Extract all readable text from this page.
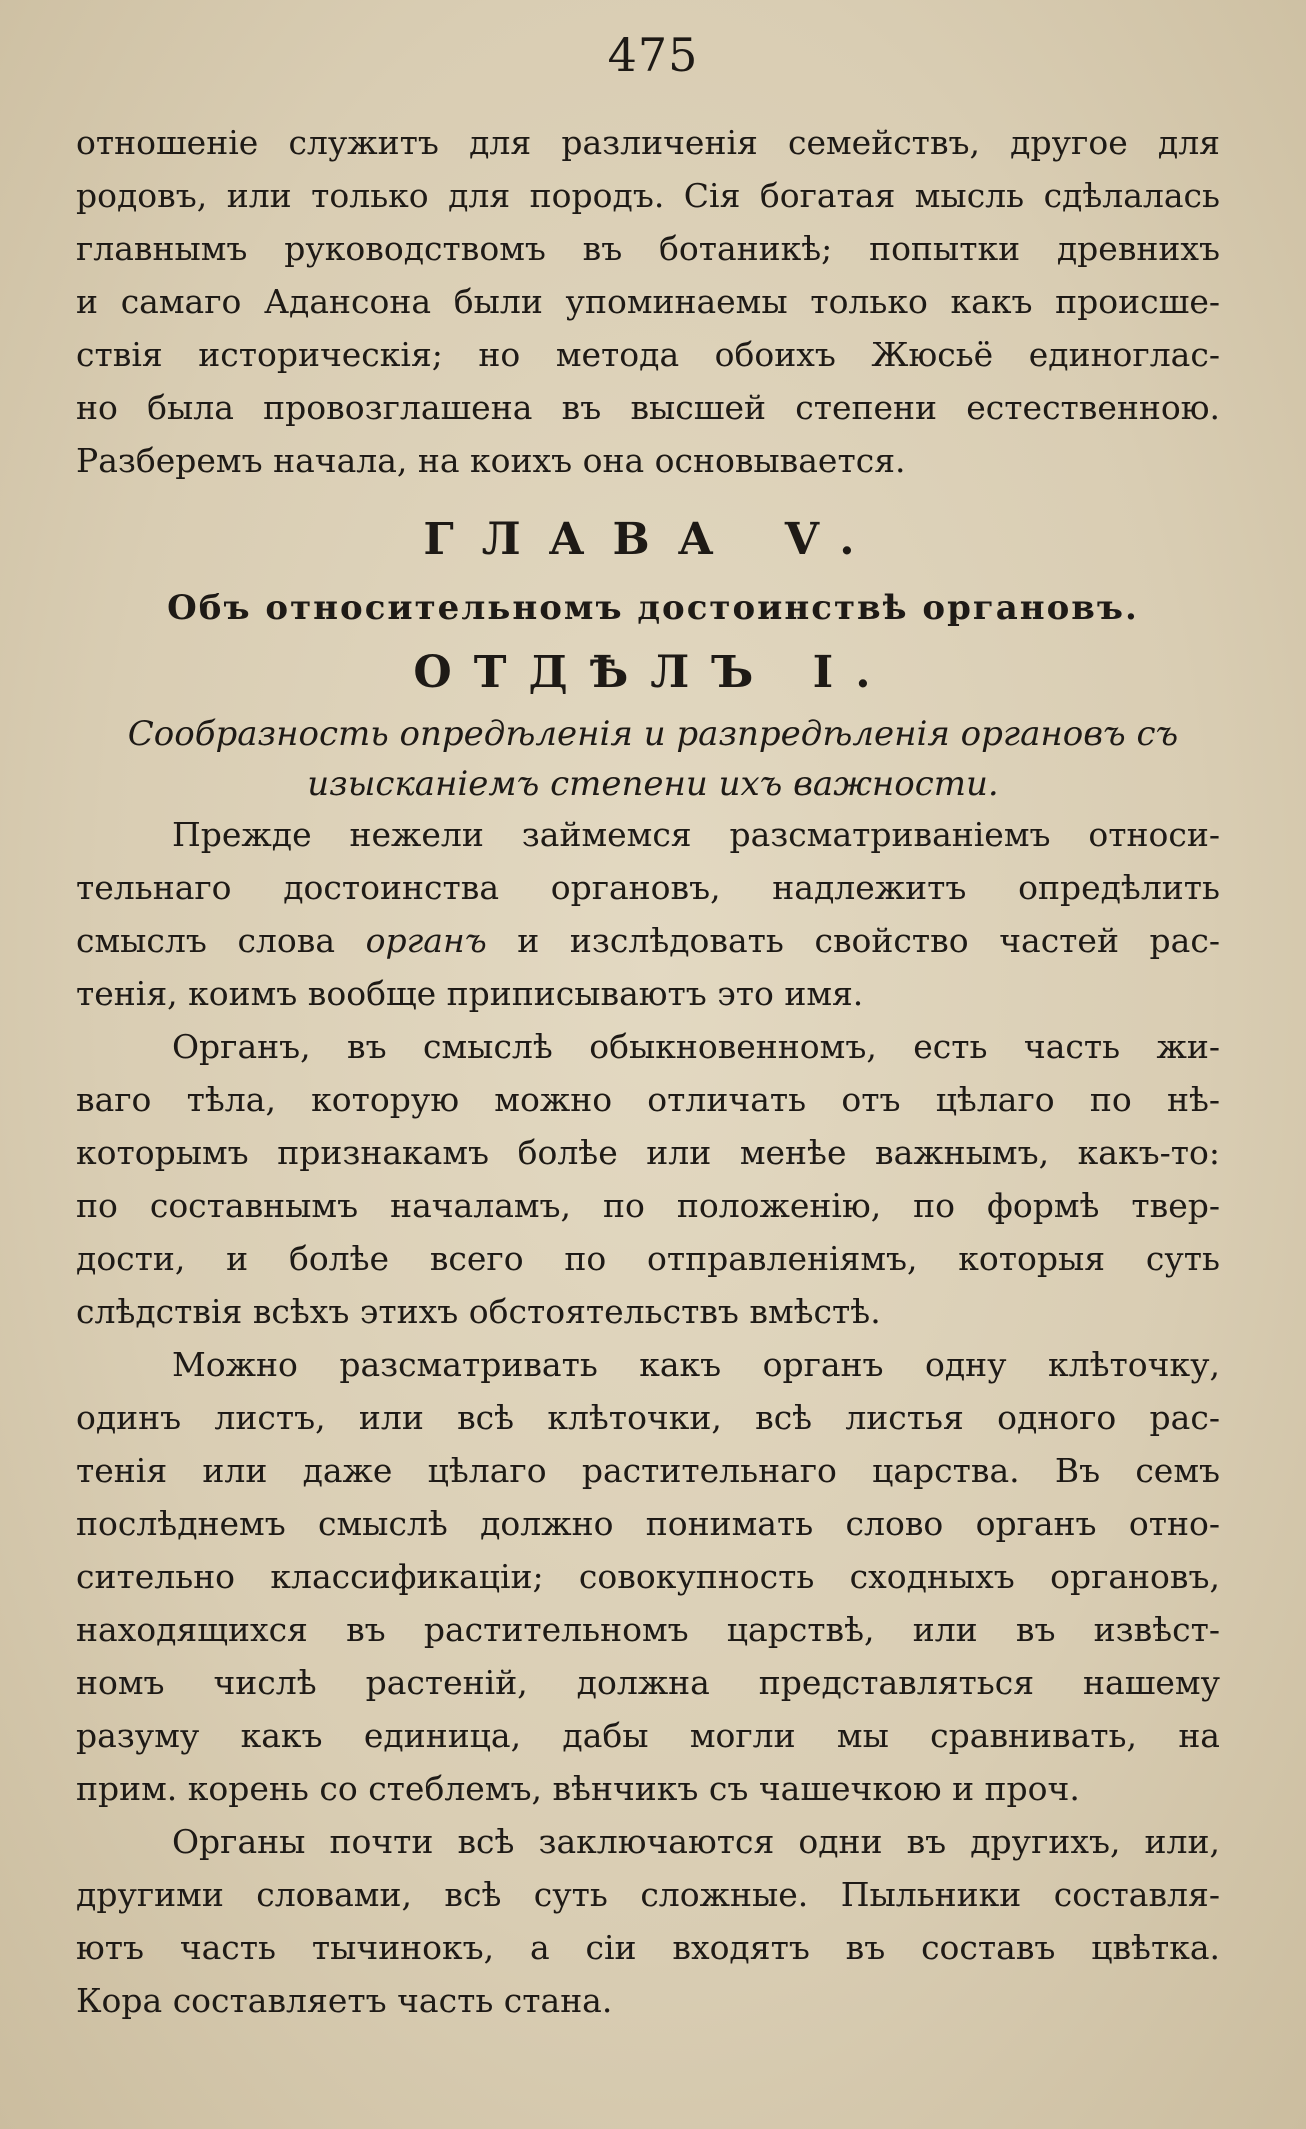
475
отношеніе служитъ для различенія семействъ, другое для
родовъ, или только для породъ. Сія богатая мысль сдѣлалась
главнымъ руководствомъ въ ботаникѣ; попытки древнихъ
и самаго Адансона были упоминаемы только какъ происше-
ствія историческія; но метода обоихъ Жюсьё единоглас-
но была провозглашена въ высшей степени естественною.
Разберемъ начала, на коихъ она основывается.
ГЛАВА V.
Объ относительномъ достоинствѣ органовъ.
ОТДѢЛЪ I.
Сообразность опредѣленія и разпредѣленія органовъ съ
изысканіемъ степени ихъ важности.
Прежде нежели займемся разсматриваніемъ относи-
тельнаго достоинства органовъ, надлежитъ опредѣлить
смыслъ слова органъ и изслѣдовать свойство частей рас-
тенія, коимъ вообще приписываютъ это имя.
Органъ, въ смыслѣ обыкновенномъ, есть часть жи-
ваго тѣла, которую можно отличать отъ цѣлаго по нѣ-
которымъ признакамъ болѣе или менѣе важнымъ, какъ-то:
по составнымъ началамъ, по положенію, по формѣ твер-
дости, и болѣе всего по отправленіямъ, которыя суть
слѣдствія всѣхъ этихъ обстоятельствъ вмѣстѣ.
Можно разсматривать какъ органъ одну клѣточку,
одинъ листъ, или всѣ клѣточки, всѣ листья одного рас-
тенія или даже цѣлаго растительнаго царства. Въ семъ
послѣднемъ смыслѣ должно понимать слово органъ отно-
сительно классификаціи; совокупность сходныхъ органовъ,
находящихся въ растительномъ царствѣ, или въ извѣст-
номъ числѣ растеній, должна представляться нашему
разуму какъ единица, дабы могли мы сравнивать, на
прим. корень со стеблемъ, вѣнчикъ съ чашечкою и проч.
Органы почти всѣ заключаются одни въ другихъ, или,
другими словами, всѣ суть сложные. Пыльники составля-
ютъ часть тычинокъ, а сіи входятъ въ составъ цвѣтка.
Кора составляетъ часть стана.
